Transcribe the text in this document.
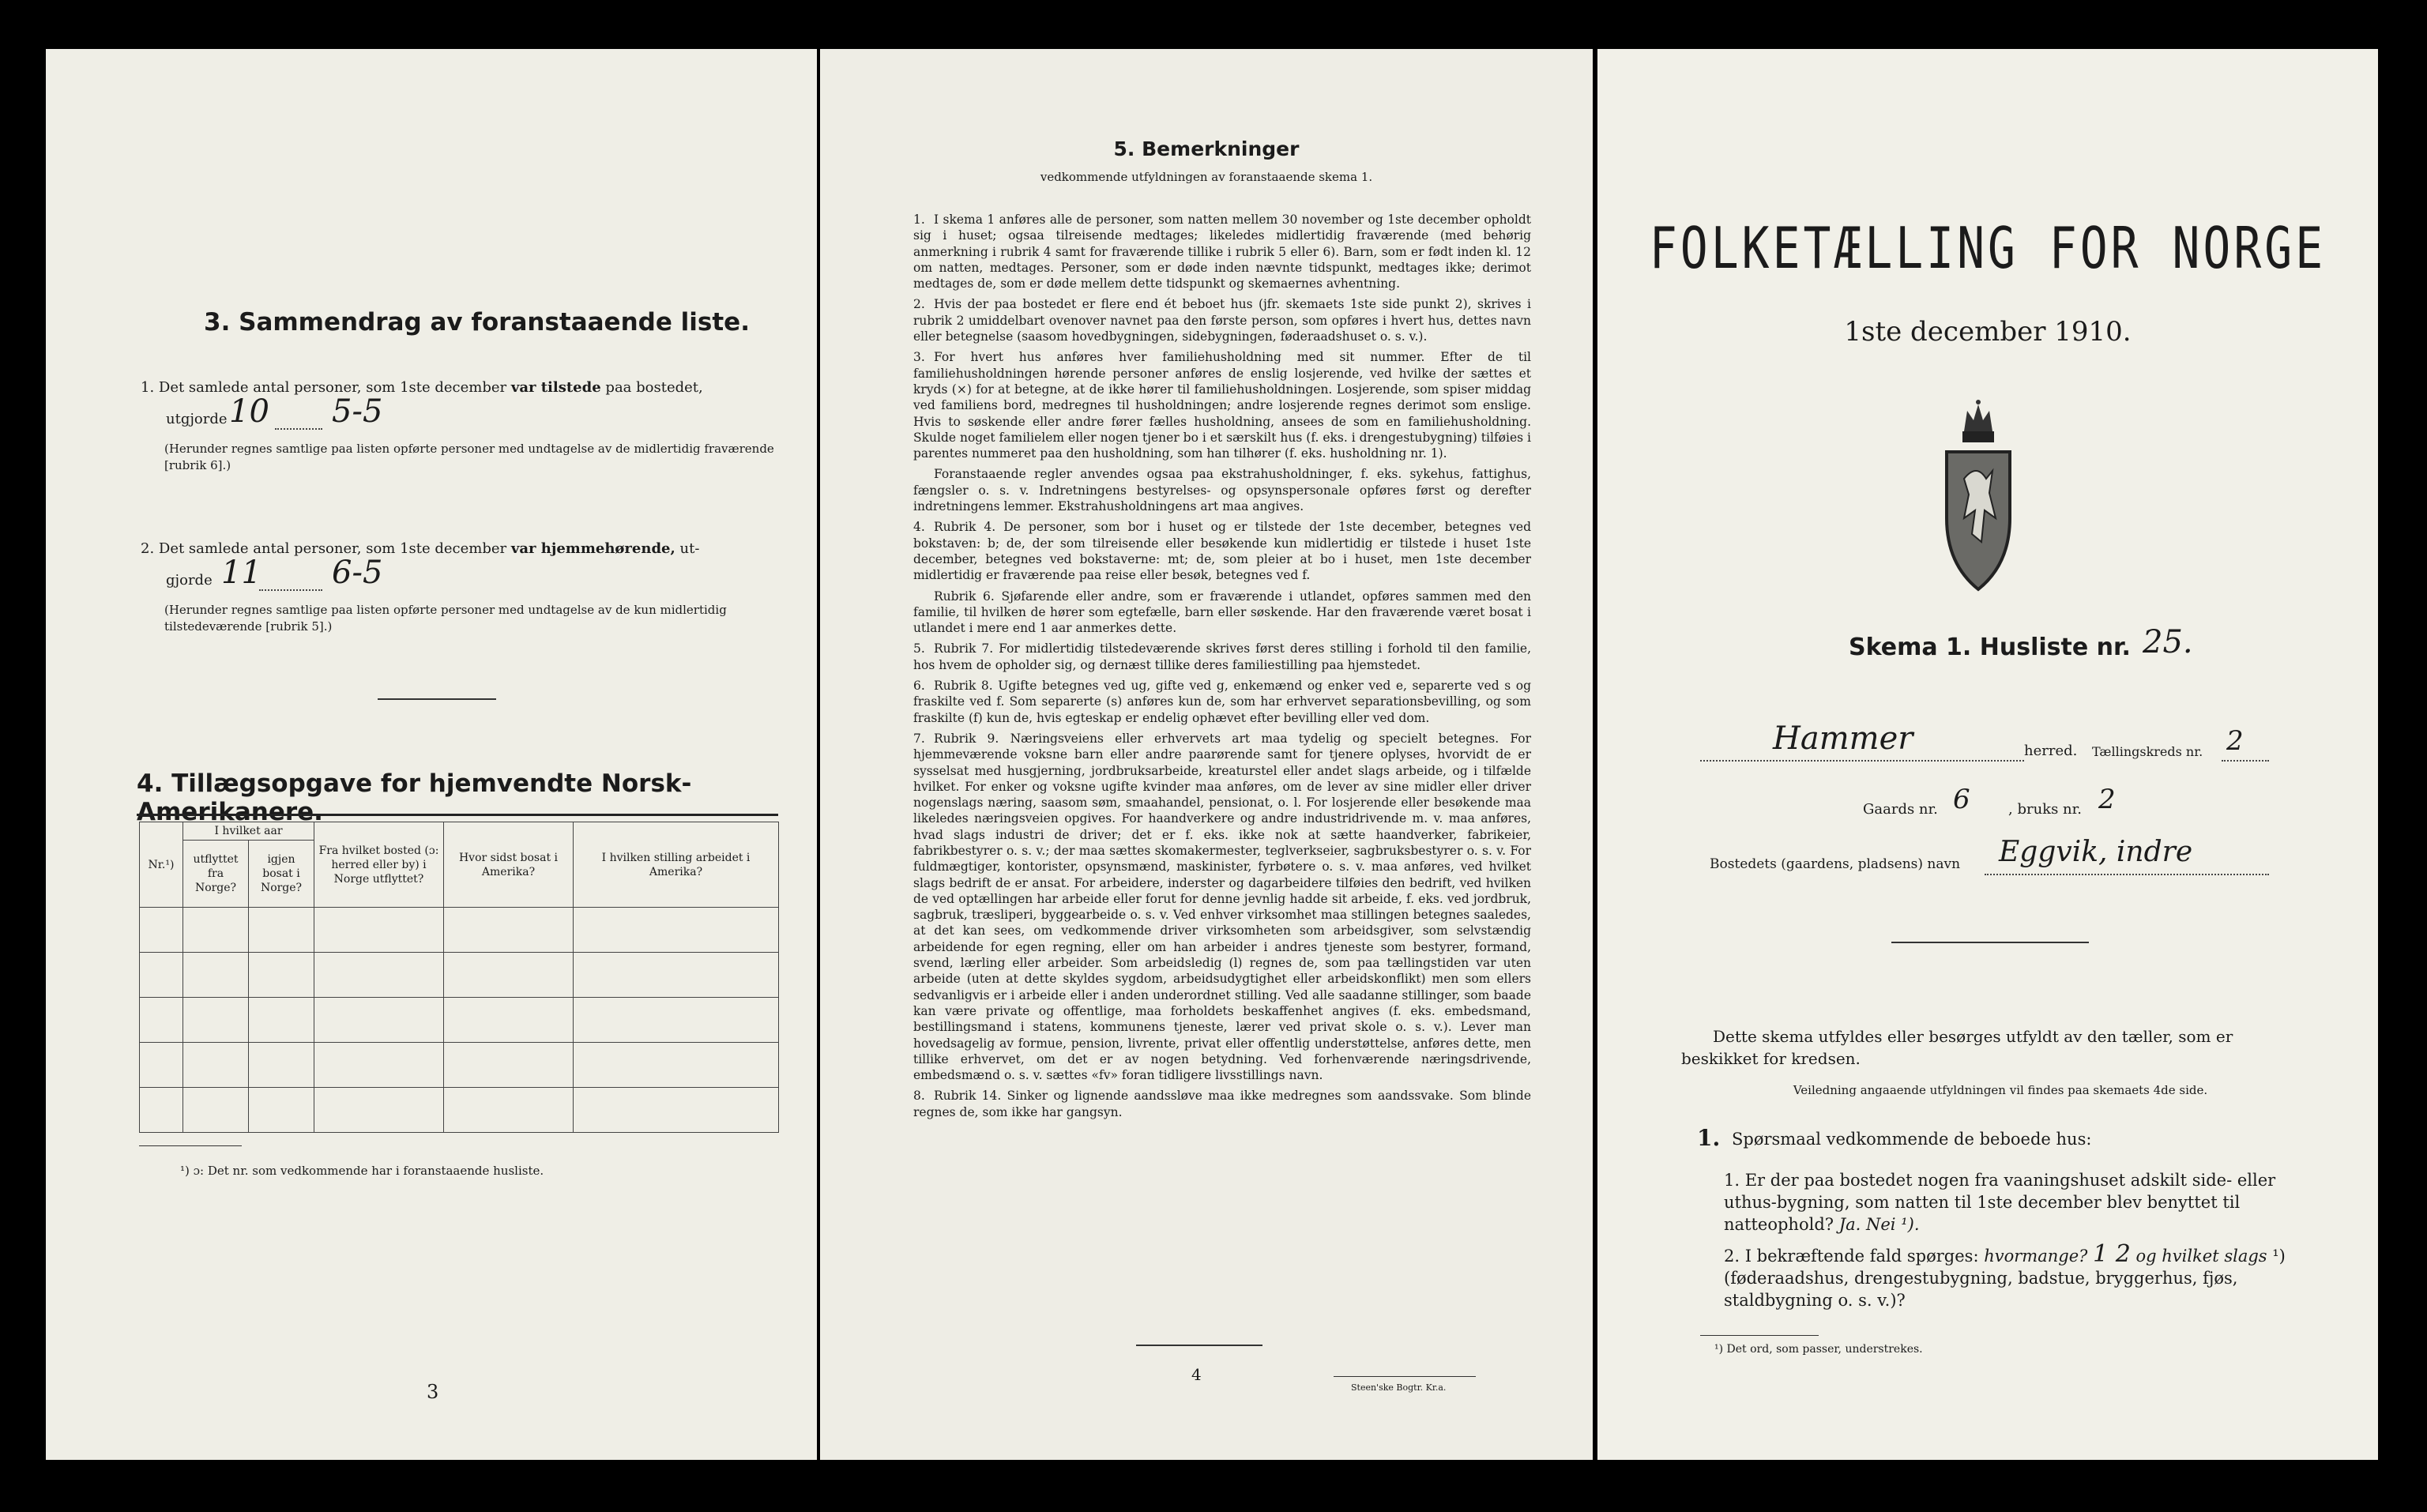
3. Sammendrag av foranstaaende liste.
1. Det samlede antal personer, som 1ste december var tilstede paa bostedet,
utgjorde 10 5-5
(Herunder regnes samtlige paa listen opførte personer med undtagelse av de midlertidig fraværende [rubrik 6].)
2. Det samlede antal personer, som 1ste december var hjemmehørende, ut-
gjorde 11 6-5
(Herunder regnes samtlige paa listen opførte personer med undtagelse av de kun midlertidig tilstedeværende [rubrik 5].)
4. Tillægsopgave for hjemvendte Norsk-Amerikanere.
Nr.¹)	I hvilket aar		Fra hvilket bosted (ɔ: herred eller by) i Norge utflyttet?	Hvor sidst bosat i Amerika?	I hvilken stilling arbeidet i Amerika?
	utflyttet fra Norge?	igjen bosat i Norge?			

¹) ɔ: Det nr. som vedkommende har i foranstaaende husliste.
3
5. Bemerkninger
vedkommende utfyldningen av foranstaaende skema 1.

1. I skema 1 anføres alle de personer, som natten mellem 30 november og 1ste december opholdt sig i huset; ogsaa tilreisende medtages; likeledes midlertidig fraværende (med behørig anmerkning i rubrik 4 samt for fraværende tillike i rubrik 5 eller 6). Barn, som er født inden kl. 12 om natten, medtages. Personer, som er døde inden nævnte tidspunkt, medtages ikke; derimot medtages de, som er døde mellem dette tidspunkt og skemaernes avhentning.

2. Hvis der paa bostedet er flere end ét beboet hus (jfr. skemaets 1ste side punkt 2), skrives i rubrik 2 umiddelbart ovenover navnet paa den første person, som opføres i hvert hus, dettes navn eller betegnelse (saasom hovedbygningen, sidebygningen, føderaadshuset o. s. v.).

3. For hvert hus anføres hver familiehusholdning med sit nummer. Efter de til familiehusholdningen hørende personer anføres de enslig losjerende, ved hvilke der sættes et kryds (×) for at betegne, at de ikke hører til familiehusholdningen. Losjerende, som spiser middag ved familiens bord, medregnes til husholdningen; andre losjerende regnes derimot som enslige. Hvis to søskende eller andre fører fælles husholdning, ansees de som en familiehusholdning. Skulde noget familielem eller nogen tjener bo i et særskilt hus (f. eks. i drengestubygning) tilføies i parentes nummeret paa den husholdning, som han tilhører (f. eks. husholdning nr. 1).

Foranstaaende regler anvendes ogsaa paa ekstrahusholdninger, f. eks. sykehus, fattighus, fængsler o. s. v. Indretningens bestyrelses- og opsynspersonale opføres først og derefter indretningens lemmer. Ekstrahusholdningens art maa angives.

4. Rubrik 4. De personer, som bor i huset og er tilstede der 1ste december, betegnes ved bokstaven: b; de, der som tilreisende eller besøkende kun midlertidig er tilstede i huset 1ste december, betegnes ved bokstaverne: mt; de, som pleier at bo i huset, men 1ste december midlertidig er fraværende paa reise eller besøk, betegnes ved f.

Rubrik 6. Sjøfarende eller andre, som er fraværende i utlandet, opføres sammen med den familie, til hvilken de hører som egtefælle, barn eller søskende. Har den fraværende været bosat i utlandet i mere end 1 aar anmerkes dette.

5. Rubrik 7. For midlertidig tilstedeværende skrives først deres stilling i forhold til den familie, hos hvem de opholder sig, og dernæst tillike deres familiestilling paa hjemstedet.

6. Rubrik 8. Ugifte betegnes ved ug, gifte ved g, enkemænd og enker ved e, separerte ved s og fraskilte ved f. Som separerte (s) anføres kun de, som har erhvervet separationsbevilling, og som fraskilte (f) kun de, hvis egteskap er endelig ophævet efter bevilling eller ved dom.

7. Rubrik 9. Næringsveiens eller erhvervets art maa tydelig og specielt betegnes. For hjemmeværende voksne barn eller andre paarørende samt for tjenere oplyses, hvorvidt de er sysselsat med husgjerning, jordbruksarbeide, kreaturstel eller andet slags arbeide, og i tilfælde hvilket. For enker og voksne ugifte kvinder maa anføres, om de lever av sine midler eller driver nogenslags næring, saasom søm, smaahandel, pensionat, o. l. For losjerende eller besøkende maa likeledes næringsveien opgives. For haandverkere og andre industridrivende m. v. maa anføres, hvad slags industri de driver; det er f. eks. ikke nok at sætte haandverker, fabrikeier, fabrikbestyrer o. s. v.; der maa sættes skomakermester, teglverkseier, sagbruksbestyrer o. s. v. For fuldmægtiger, kontorister, opsynsmænd, maskinister, fyrbøtere o. s. v. maa anføres, ved hvilket slags bedrift de er ansat. For arbeidere, inderster og dagarbeidere tilføies den bedrift, ved hvilken de ved optællingen har arbeide eller forut for denne jevnlig hadde sit arbeide, f. eks. ved jordbruk, sagbruk, træsliperi, byggearbeide o. s. v. Ved enhver virksomhet maa stillingen betegnes saaledes, at det kan sees, om vedkommende driver virksomheten som arbeidsgiver, som selvstændig arbeidende for egen regning, eller om han arbeider i andres tjeneste som bestyrer, formand, svend, lærling eller arbeider. Som arbeidsledig (l) regnes de, som paa tællingstiden var uten arbeide (uten at dette skyldes sygdom, arbeidsudygtighet eller arbeidskonflikt) men som ellers sedvanligvis er i arbeide eller i anden underordnet stilling. Ved alle saadanne stillinger, som baade kan være private og offentlige, maa forholdets beskaffenhet angives (f. eks. embedsmand, bestillingsmand i statens, kommunens tjeneste, lærer ved privat skole o. s. v.). Lever man hovedsagelig av formue, pension, livrente, privat eller offentlig understøttelse, anføres dette, men tillike erhvervet, om det er av nogen betydning. Ved forhenværende næringsdrivende, embedsmænd o. s. v. sættes «fv» foran tidligere livsstillings navn.

8. Rubrik 14. Sinker og lignende aandssløve maa ikke medregnes som aandssvake. Som blinde regnes de, som ikke har gangsyn.

4
Steen'ske Bogtr. Kr.a.
FOLKETÆLLING FOR NORGE
1ste december 1910.
Skema 1. Husliste nr. 25.
Hammer	herred. Tællingskreds nr. 2
Gaards nr. 6	, bruks nr. 2
Bostedets (gaardens, pladsens) navn Eggvik, indre
Dette skema utfyldes eller besørges utfyldt av den tæller, som er beskikket for kredsen.
Veiledning angaaende utfyldningen vil findes paa skemaets 4de side.
1. Spørsmaal vedkommende de beboede hus:
1. Er der paa bostedet nogen fra vaaningshuset adskilt side- eller uthus-bygning, som natten til 1ste december blev benyttet til natteophold? Ja. Nei ¹).
2. I bekræftende fald spørges: hvormange? 1 2 og hvilket slags ¹) (føderaadshus, drengestubygning, badstue, bryggerhus, fjøs, staldbygning o. s. v.)?
¹) Det ord, som passer, understrekes.
